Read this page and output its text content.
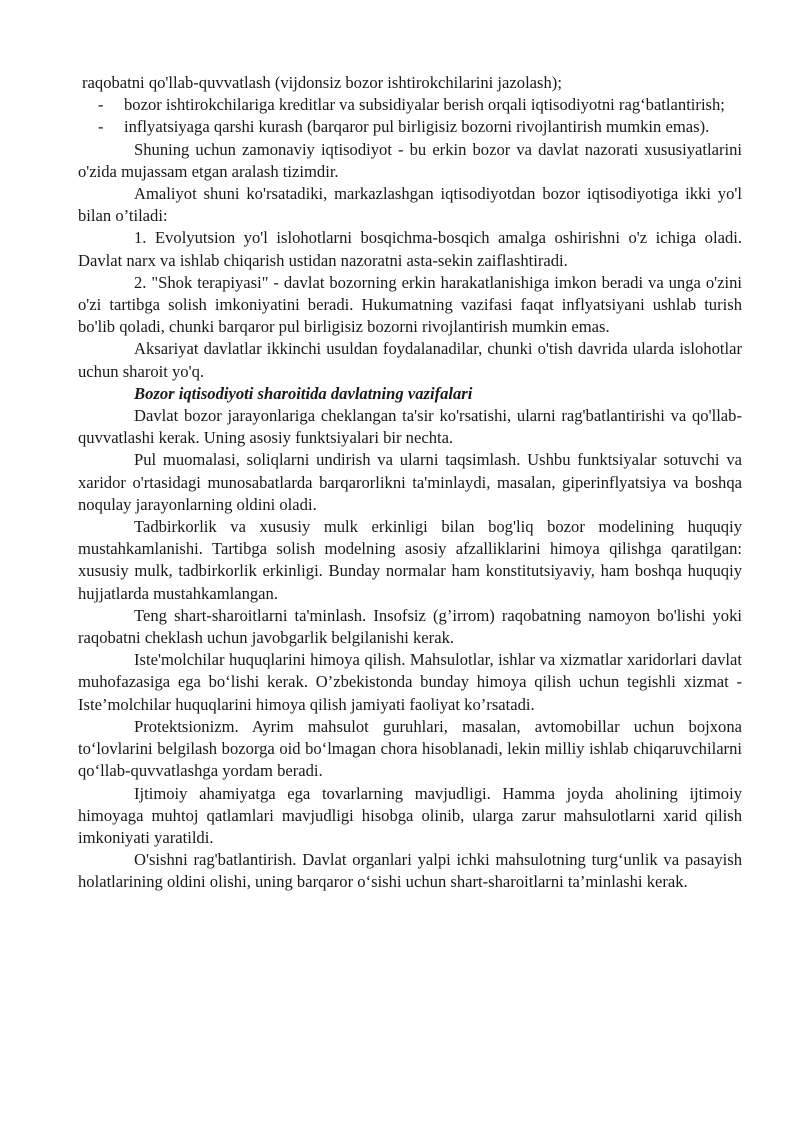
raqobatni qo'llab-quvvatlash (vijdonsiz bozor ishtirokchilarini jazolash);

-	bozor ishtirokchilariga kreditlar va subsidiyalar berish orqali iqtisodiyotni rag‘batlantirish;
-	inflyatsiyaga qarshi kurash (barqaror pul birligisiz bozorni rivojlantirish mumkin emas).

Shuning uchun zamonaviy iqtisodiyot - bu erkin bozor va davlat nazorati xususiyatlarini o'zida mujassam etgan aralash tizimdir.

Amaliyot shuni ko'rsatadiki, markazlashgan iqtisodiyotdan bozor iqtisodiyotiga ikki yo'l bilan o’tiladi:

1. Evolyutsion yo'l islohotlarni bosqichma-bosqich amalga oshirishni o'z ichiga oladi. Davlat narx va ishlab chiqarish ustidan nazoratni asta-sekin zaiflashtiradi.

2. "Shok terapiyasi" - davlat bozorning erkin harakatlanishiga imkon beradi va unga o'zini o'zi tartibga solish imkoniyatini beradi. Hukumatning vazifasi faqat inflyatsiyani ushlab turish bo'lib qoladi, chunki barqaror pul birligisiz bozorni rivojlantirish mumkin emas.

Aksariyat davlatlar ikkinchi usuldan foydalanadilar, chunki o'tish davrida ularda islohotlar uchun sharoit yo'q.

Bozor iqtisodiyoti sharoitida davlatning vazifalari

Davlat bozor jarayonlariga cheklangan ta'sir ko'rsatishi, ularni rag'batlantirishi va qo'llab-quvvatlashi kerak. Uning asosiy funktsiyalari bir nechta.

Pul muomalasi, soliqlarni undirish va ularni taqsimlash. Ushbu funktsiyalar sotuvchi va xaridor o'rtasidagi munosabatlarda barqarorlikni ta'minlaydi, masalan, giperinflyatsiya va boshqa noqulay jarayonlarning oldini oladi.

Tadbirkorlik va xususiy mulk erkinligi bilan bog'liq bozor modelining huquqiy mustahkamlanishi. Tartibga solish modelning asosiy afzalliklarini himoya qilishga qaratilgan: xususiy mulk, tadbirkorlik erkinligi. Bunday normalar ham konstitutsiyaviy, ham boshqa huquqiy hujjatlarda mustahkamlangan.

Teng shart-sharoitlarni ta'minlash. Insofsiz (g’irrom) raqobatning namoyon bo'lishi yoki raqobatni cheklash uchun javobgarlik belgilanishi kerak.

Iste'molchilar huquqlarini himoya qilish. Mahsulotlar, ishlar va xizmatlar xaridorlari davlat muhofazasiga ega bo‘lishi kerak. O’zbekistonda bunday himoya qilish uchun tegishli xizmat - Iste’molchilar huquqlarini himoya qilish jamiyati faoliyat ko’rsatadi.

Protektsionizm. Ayrim mahsulot guruhlari, masalan, avtomobillar uchun bojxona to‘lovlarini belgilash bozorga oid bo‘lmagan chora hisoblanadi, lekin milliy ishlab chiqaruvchilarni qo‘llab-quvvatlashga yordam beradi.

Ijtimoiy ahamiyatga ega tovarlarning mavjudligi. Hamma joyda aholining ijtimoiy himoyaga muhtoj qatlamlari mavjudligi hisobga olinib, ularga zarur mahsulotlarni xarid qilish imkoniyati yaratildi.

O'sishni rag'batlantirish. Davlat organlari yalpi ichki mahsulotning turg‘unlik va pasayish holatlarining oldini olishi, uning barqaror o‘sishi uchun shart-sharoitlarni ta’minlashi kerak.
